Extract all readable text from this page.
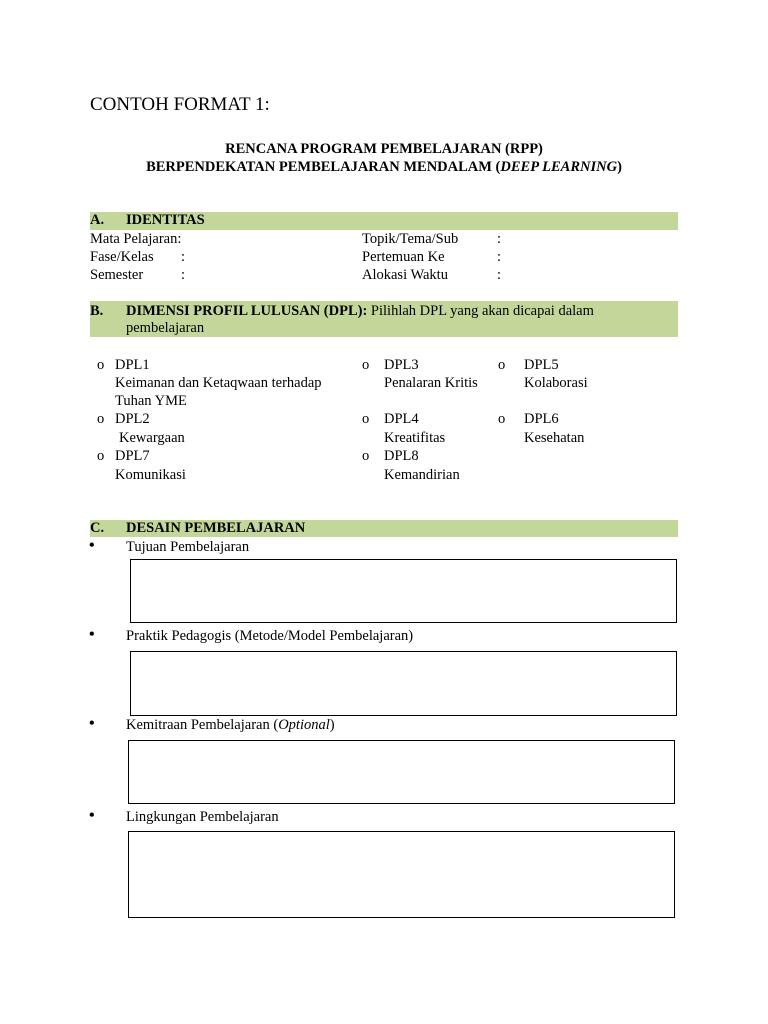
CONTOH FORMAT 1:
RENCANA PROGRAM PEMBELAJARAN (RPP)
BERPENDEKATAN PEMBELAJARAN MENDALAM (DEEP LEARNING)
A. IDENTITAS
Mata Pelajaran:
Fase/Kelas :
Semester	:
Topik/Tema/Sub	:
Pertemuan Ke	:
Alokasi Waktu	:
B. DIMENSI PROFIL LULUSAN (DPL): Pilihlah DPL yang akan dicapai dalam
pembelajaran
o DPL1
Keimanan dan Ketaqwaan terhadap
Tuhan YME
o DPL3
Penalaran Kritis
o DPL5
Kolaborasi
o DPL2
Kewargaan
o DPL4
Kreatifitas
o DPL6
Kesehatan
o DPL7
Komunikasi
o DPL8
Kemandirian
C. DESAIN PEMBELAJARAN
• Tujuan Pembelajaran
• Praktik Pedagogis (Metode/Model Pembelajaran)
• Kemitraan Pembelajaran (Optional)
• Lingkungan Pembelajaran
